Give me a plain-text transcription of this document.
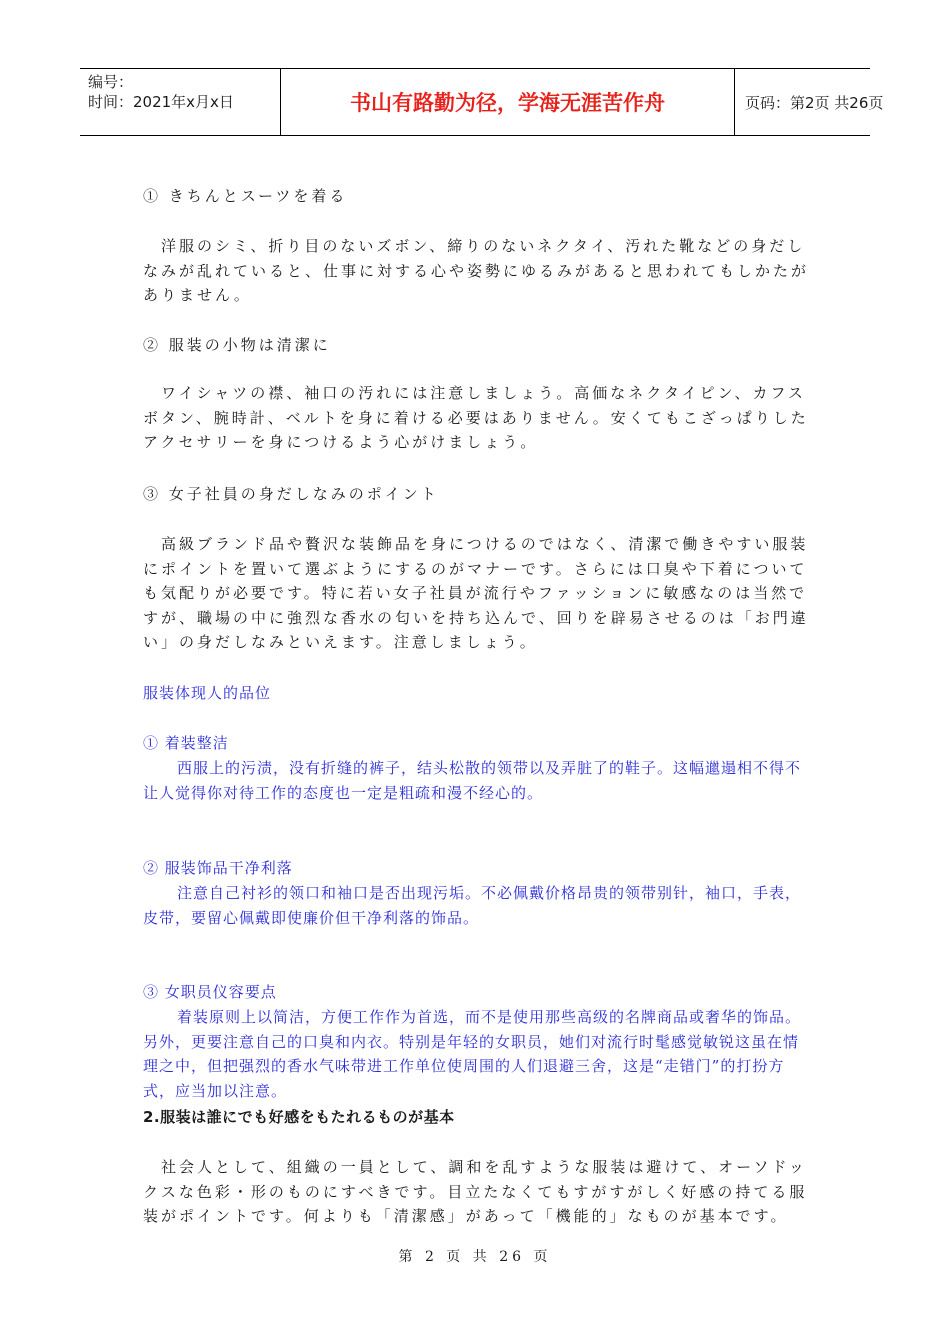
编号：
时间：2021年x月x日	书山有路勤为径，学海无涯苦作舟	页码：第2页 共26页

① きちんとスーツを着る

洋服のシミ、折り目のないズボン、締りのないネクタイ、汚れた靴などの身だしなみが乱れていると、仕事に対する心や姿勢にゆるみがあると思われてもしかたがありません。

② 服装の小物は清潔に

ワイシャツの襟、袖口の汚れには注意しましょう。高価なネクタイピン、カフスボタン、腕時計、ベルトを身に着ける必要はありません。安くてもこざっぱりしたアクセサリーを身につけるよう心がけましょう。

③ 女子社員の身だしなみのポイント

高級ブランド品や贅沢な装飾品を身につけるのではなく、清潔で働きやすい服装にポイントを置いて選ぶようにするのがマナーです。さらには口臭や下着についても気配りが必要です。特に若い女子社員が流行やファッションに敏感なのは当然ですが、職場の中に強烈な香水の匂いを持ち込んで、回りを辟易させるのは「お門違い」の身だしなみといえます。注意しましょう。

服装体现人的品位

① 着装整洁

西服上的污渍，没有折缝的裤子，结头松散的领带以及弄脏了的鞋子。这幅邋遢相不得不让人觉得你对待工作的态度也一定是粗疏和漫不经心的。

② 服装饰品干净利落

注意自己衬衫的领口和袖口是否出现污垢。不必佩戴价格昂贵的领带别针，袖口，手表，皮带，要留心佩戴即使廉价但干净利落的饰品。

③ 女职员仪容要点

着装原则上以简洁，方便工作作为首选，而不是使用那些高级的名牌商品或奢华的饰品。另外，更要注意自己的口臭和内衣。特别是年轻的女职员，她们对流行时髦感觉敏锐这虽在情理之中，但把强烈的香水气味带进工作单位使周围的人们退避三舍，这是“走错门”的打扮方式，应当加以注意。

2.服装は誰にでも好感をもたれるものが基本

社会人として、組織の一員として、調和を乱すような服装は避けて、オーソドックスな色彩・形のものにすべきです。目立たなくてもすがすがしく好感の持てる服装がポイントです。何よりも「清潔感」があって「機能的」なものが基本です。

第 2 页 共 26 页
